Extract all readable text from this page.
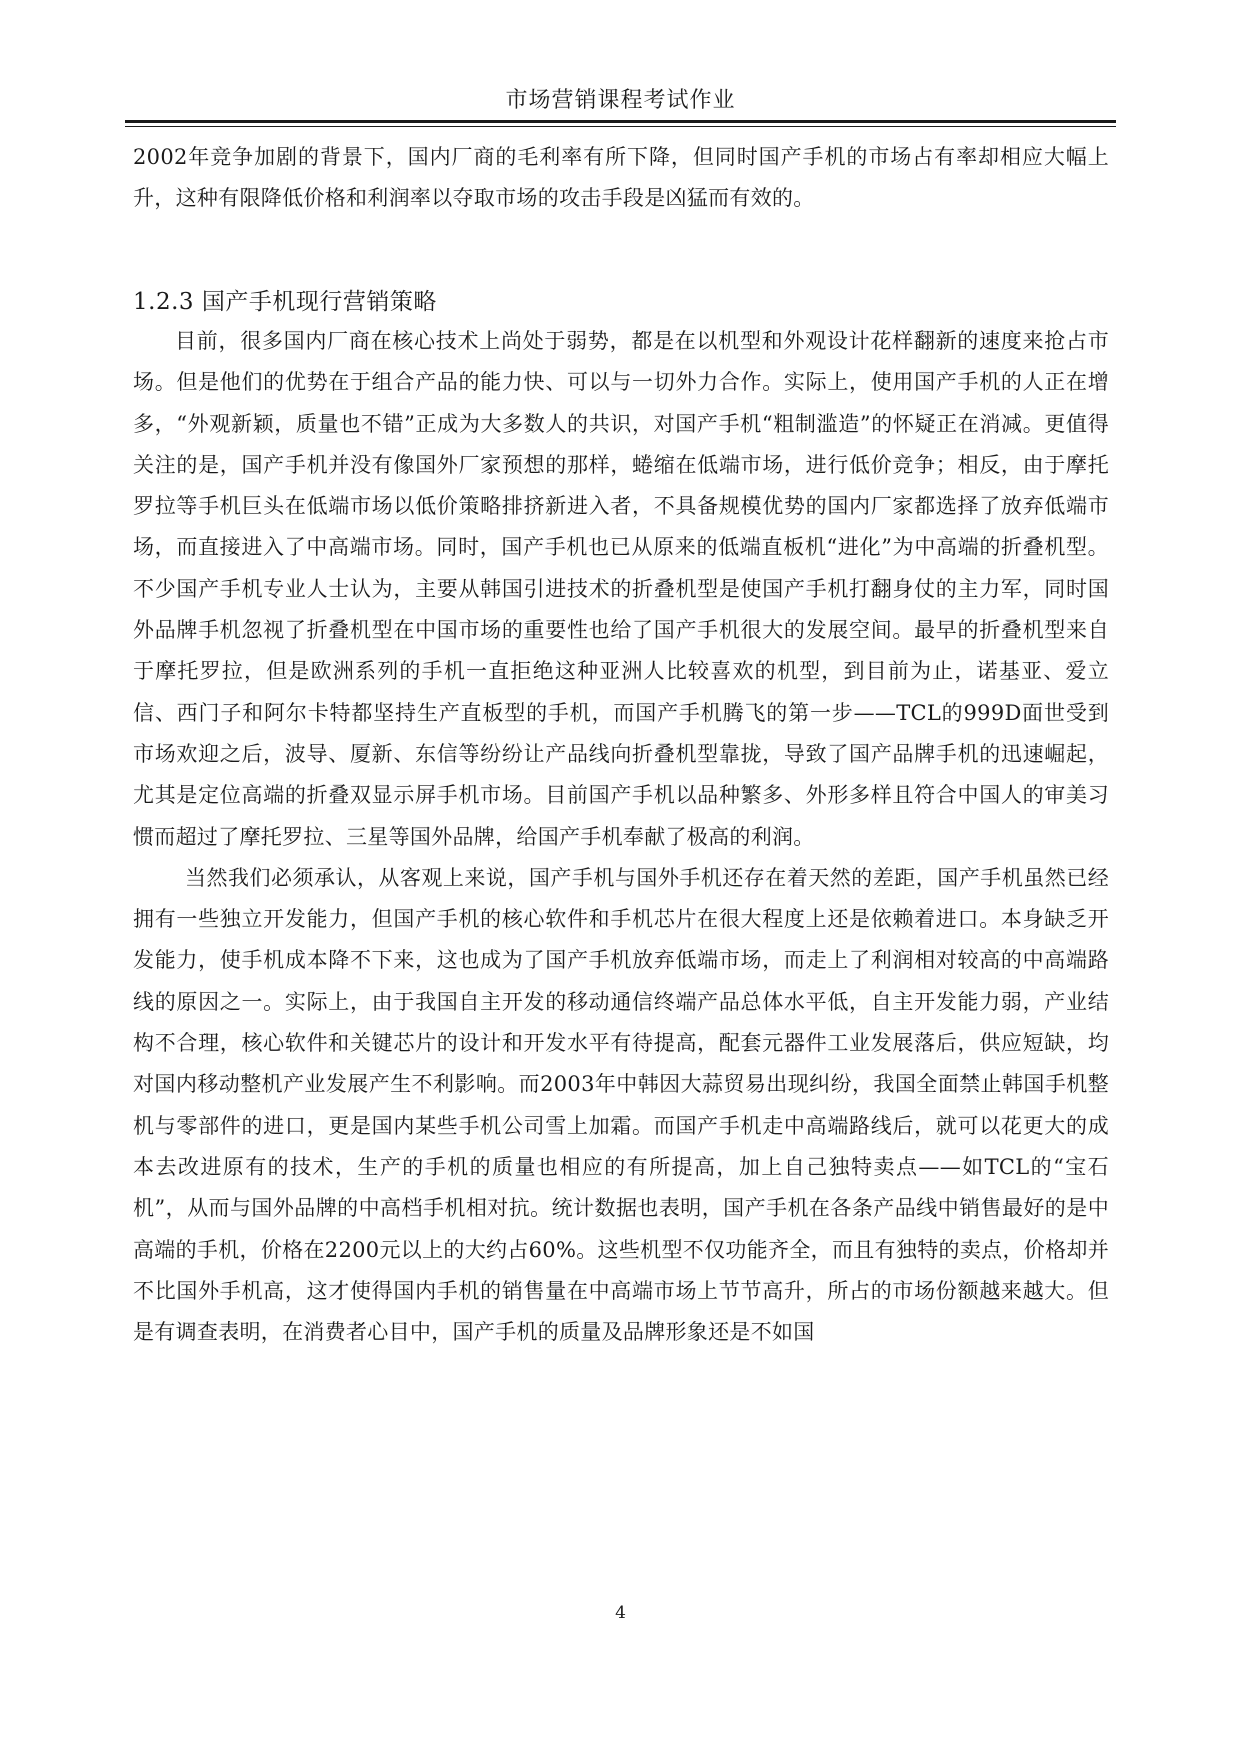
市场营销课程考试作业

2002年竞争加剧的背景下，国内厂商的毛利率有所下降，但同时国产手机的市场占有率却相应大幅上升，这种有限降低价格和利润率以夺取市场的攻击手段是凶猛而有效的。

1.2.3 国产手机现行营销策略

目前，很多国内厂商在核心技术上尚处于弱势，都是在以机型和外观设计花样翻新的速度来抢占市场。但是他们的优势在于组合产品的能力快、可以与一切外力合作。实际上，使用国产手机的人正在增多，“外观新颖，质量也不错”正成为大多数人的共识，对国产手机“粗制滥造”的怀疑正在消减。更值得关注的是，国产手机并没有像国外厂家预想的那样，蜷缩在低端市场，进行低价竞争；相反，由于摩托罗拉等手机巨头在低端市场以低价策略排挤新进入者，不具备规模优势的国内厂家都选择了放弃低端市场，而直接进入了中高端市场。同时，国产手机也已从原来的低端直板机“进化”为中高端的折叠机型。不少国产手机专业人士认为，主要从韩国引进技术的折叠机型是使国产手机打翻身仗的主力军，同时国外品牌手机忽视了折叠机型在中国市场的重要性也给了国产手机很大的发展空间。最早的折叠机型来自于摩托罗拉，但是欧洲系列的手机一直拒绝这种亚洲人比较喜欢的机型，到目前为止，诺基亚、爱立信、西门子和阿尔卡特都坚持生产直板型的手机，而国产手机腾飞的第一步——TCL的999D面世受到市场欢迎之后，波导、厦新、东信等纷纷让产品线向折叠机型靠拢，导致了国产品牌手机的迅速崛起，尤其是定位高端的折叠双显示屏手机市场。目前国产手机以品种繁多、外形多样且符合中国人的审美习惯而超过了摩托罗拉、三星等国外品牌，给国产手机奉献了极高的利润。

当然我们必须承认，从客观上来说，国产手机与国外手机还存在着天然的差距，国产手机虽然已经拥有一些独立开发能力，但国产手机的核心软件和手机芯片在很大程度上还是依赖着进口。本身缺乏开发能力，使手机成本降不下来，这也成为了国产手机放弃低端市场，而走上了利润相对较高的中高端路线的原因之一。实际上，由于我国自主开发的移动通信终端产品总体水平低，自主开发能力弱，产业结构不合理，核心软件和关键芯片的设计和开发水平有待提高，配套元器件工业发展落后，供应短缺，均对国内移动整机产业发展产生不利影响。而2003年中韩因大蒜贸易出现纠纷，我国全面禁止韩国手机整机与零部件的进口，更是国内某些手机公司雪上加霜。而国产手机走中高端路线后，就可以花更大的成本去改进原有的技术，生产的手机的质量也相应的有所提高，加上自己独特卖点——如TCL的“宝石机”，从而与国外品牌的中高档手机相对抗。统计数据也表明，国产手机在各条产品线中销售最好的是中高端的手机，价格在2200元以上的大约占60%。这些机型不仅功能齐全，而且有独特的卖点，价格却并不比国外手机高，这才使得国内手机的销售量在中高端市场上节节高升，所占的市场份额越来越大。但是有调查表明，在消费者心目中，国产手机的质量及品牌形象还是不如国

4
